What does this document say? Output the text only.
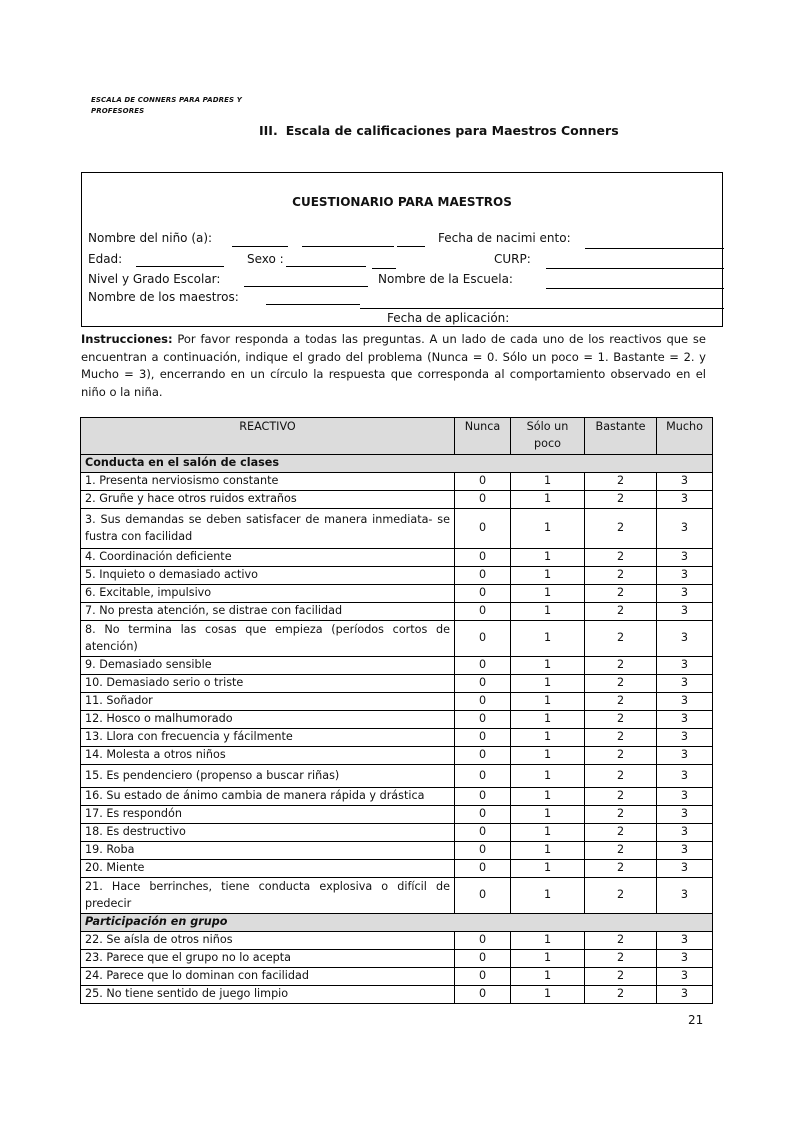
ESCALA DE CONNERS PARA PADRES Y PROFESORES
III. Escala de calificaciones para Maestros Conners
CUESTIONARIO PARA MAESTROS
Nombre del niño (a):	Fecha de nacimi ento:
Edad:	Sexo :	CURP:
Nivel y Grado Escolar:	Nombre de la Escuela:
Nombre de los maestros:
Fecha de aplicación:
Instrucciones: Por favor responda a todas las preguntas. A un lado de cada uno de los reactivos que se encuentran a continuación, indique el grado del problema (Nunca = 0. Sólo un poco = 1. Bastante = 2. y Mucho = 3), encerrando en un círculo la respuesta que corresponda al comportamiento observado en el niño o la niña.
REACTIVO	Nunca	Sólo un poco	Bastante	Mucho
Conducta en el salón de clases				
1. Presenta nerviosismo constante	0	1	2	3
2. Gruñe y hace otros ruidos extraños	0	1	2	3
3. Sus demandas se deben satisfacer de manera inmediata- se fustra con facilidad	0	1	2	3
4. Coordinación deficiente	0	1	2	3
5. Inquieto o demasiado activo	0	1	2	3
6. Excitable, impulsivo	0	1	2	3
7. No presta atención, se distrae con facilidad	0	1	2	3
8. No termina las cosas que empieza (períodos cortos de atención)	0	1	2	3
9. Demasiado sensible	0	1	2	3
10. Demasiado serio o triste	0	1	2	3
11. Soñador	0	1	2	3
12. Hosco o malhumorado	0	1	2	3
13. Llora con frecuencia y fácilmente	0	1	2	3
14. Molesta a otros niños	0	1	2	3
15. Es pendenciero (propenso a buscar riñas)	0	1	2	3
16. Su estado de ánimo cambia de manera rápida y drástica	0	1	2	3
17. Es respondón	0	1	2	3
18. Es destructivo	0	1	2	3
19. Roba	0	1	2	3
20. Miente	0	1	2	3
21. Hace berrinches, tiene conducta explosiva o difícil de predecir	0	1	2	3
Participación en grupo				
22. Se aísla de otros niños	0	1	2	3
23. Parece que el grupo no lo acepta	0	1	2	3
24. Parece que lo dominan con facilidad	0	1	2	3
25. No tiene sentido de juego limpio	0	1	2	3
21
